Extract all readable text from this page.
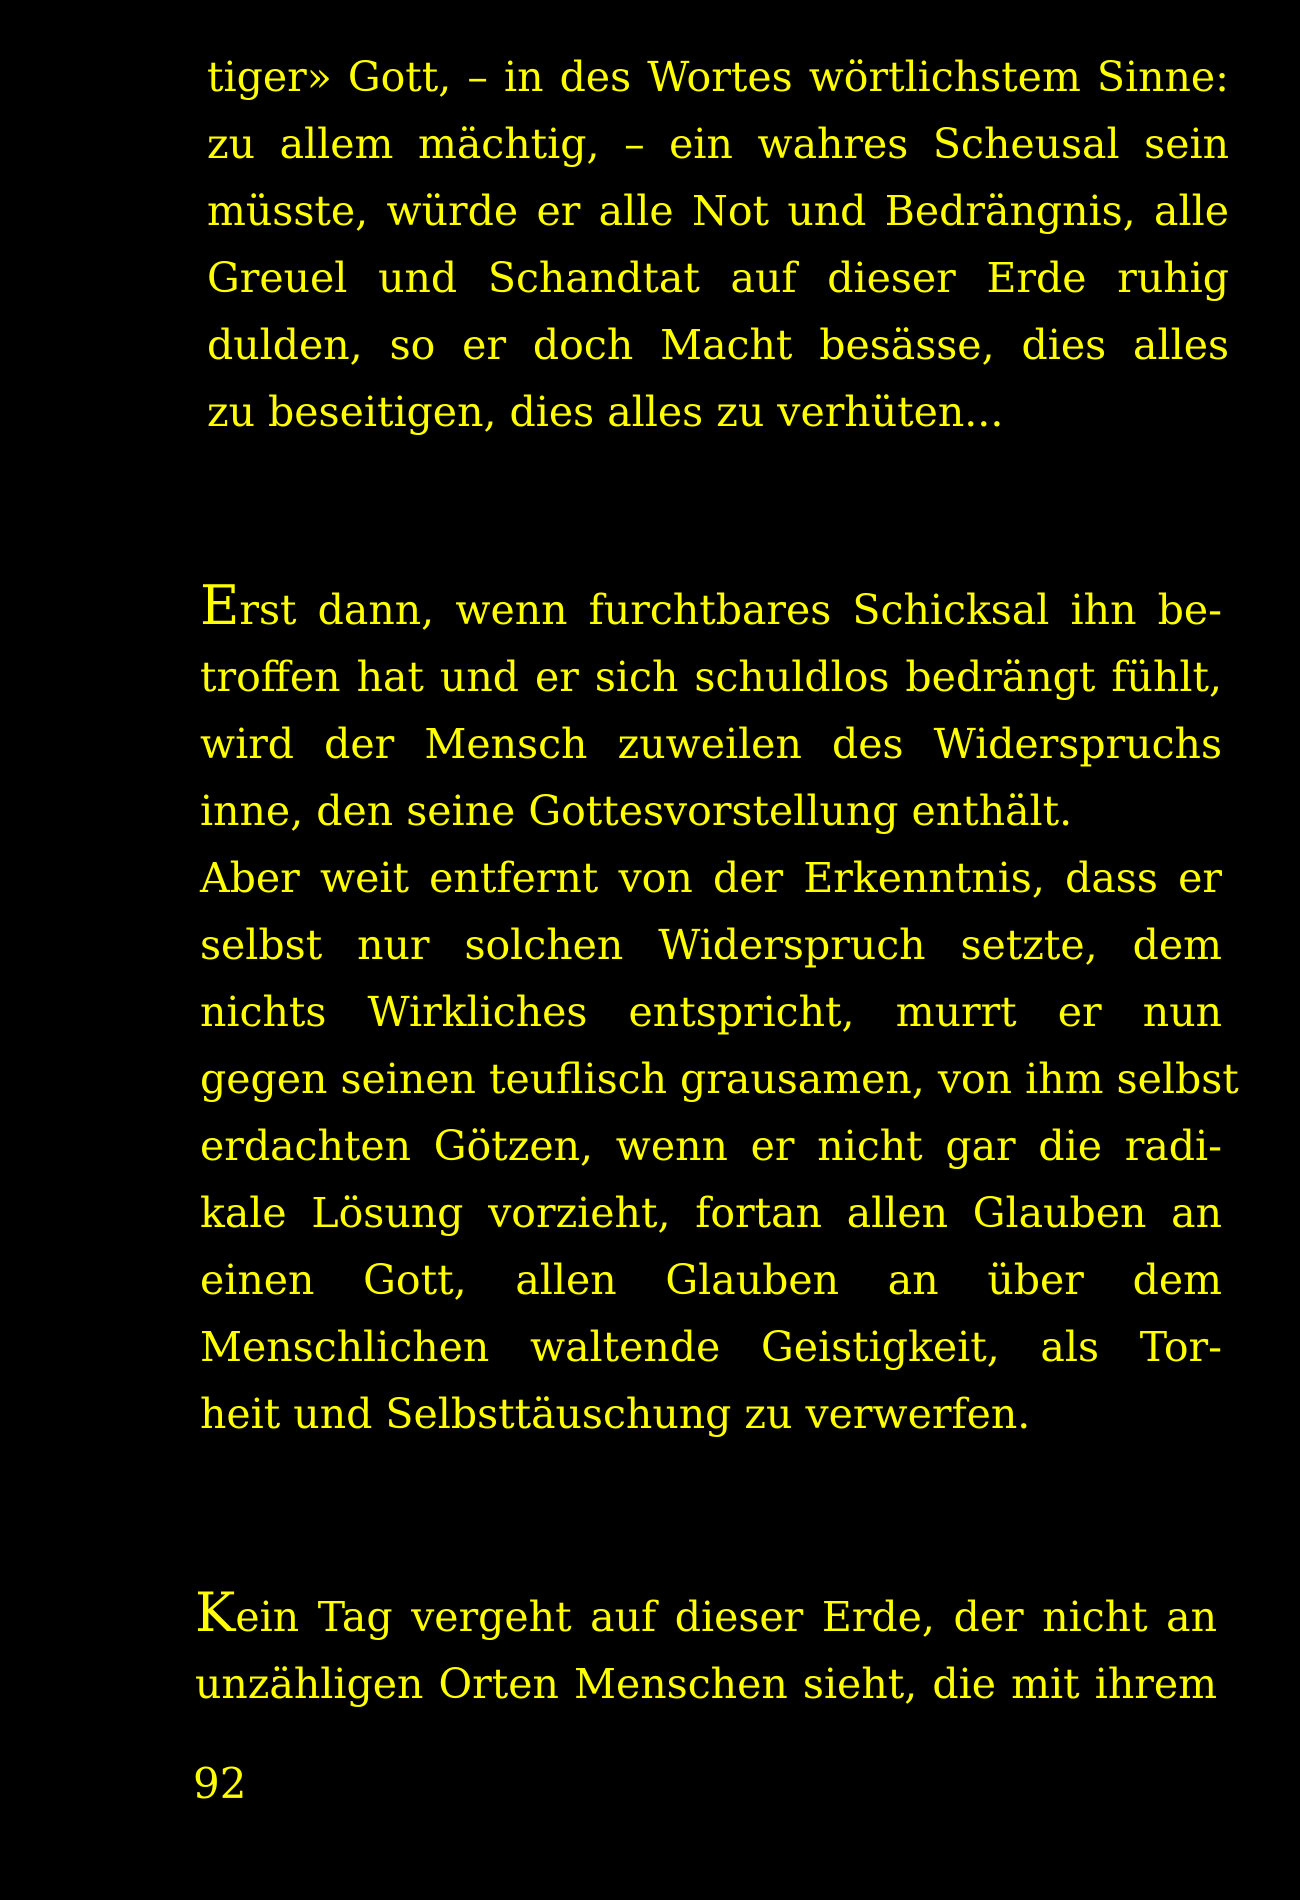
tiger» Gott, – in des Wortes wörtlichstem Sinne:
zu allem mächtig, – ein wahres Scheusal sein
müsste, würde er alle Not und Bedrängnis, alle
Greuel und Schandtat auf dieser Erde ruhig
dulden, so er doch Macht besässe, dies alles
zu beseitigen, dies alles zu verhüten...

Erst dann, wenn furchtbares Schicksal ihn be-
troffen hat und er sich schuldlos bedrängt fühlt,
wird der Mensch zuweilen des Widerspruchs
inne, den seine Gottesvorstellung enthält.
Aber weit entfernt von der Erkenntnis, dass er
selbst nur solchen Widerspruch setzte, dem
nichts Wirkliches entspricht, murrt er nun
gegen seinen teuflisch grausamen, von ihm selbst
erdachten Götzen, wenn er nicht gar die radi-
kale Lösung vorzieht, fortan allen Glauben an
einen Gott, allen Glauben an über dem
Menschlichen waltende Geistigkeit, als Tor-
heit und Selbsttäuschung zu verwerfen.

Kein Tag vergeht auf dieser Erde, der nicht an
unzähligen Orten Menschen sieht, die mit ihrem

92
